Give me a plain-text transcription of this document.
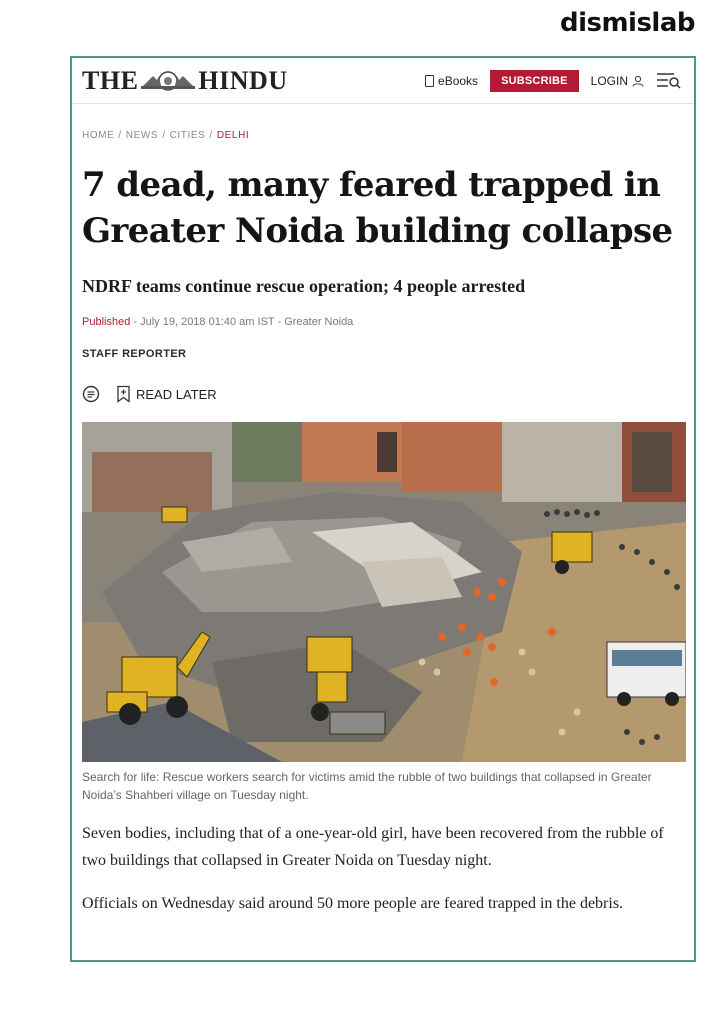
dismislab
THE HINDU	eBooks	SUBSCRIBE	LOGIN
HOME / NEWS / CITIES / DELHI
7 dead, many feared trapped in Greater Noida building collapse
NDRF teams continue rescue operation; 4 people arrested
Published - July 19, 2018 01:40 am IST - Greater Noida
STAFF REPORTER
READ LATER

Search for life: Rescue workers search for victims amid the rubble of two buildings that collapsed in Greater Noida’s Shahberi village on Tuesday night.

Seven bodies, including that of a one-year-old girl, have been recovered from the rubble of two buildings that collapsed in Greater Noida on Tuesday night.

Officials on Wednesday said around 50 more people are feared trapped in the debris.
